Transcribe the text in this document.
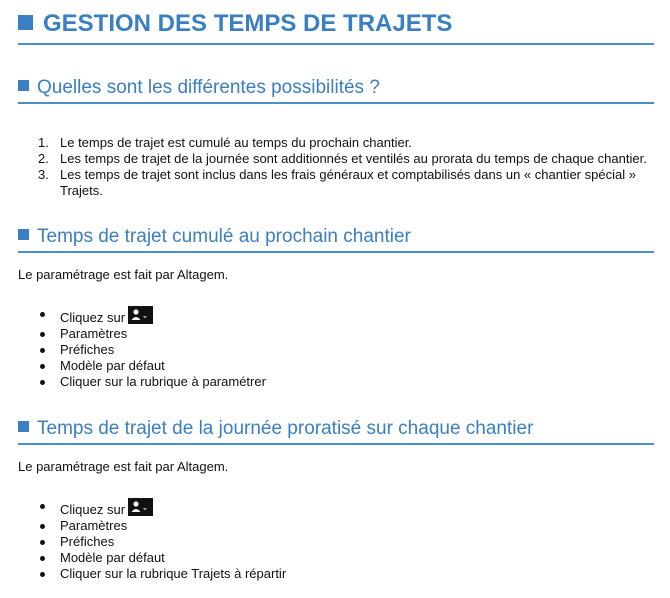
GESTION DES TEMPS DE TRAJETS
Quelles sont les différentes possibilités ?
1. Le temps de trajet est cumulé au temps du prochain chantier.
2. Les temps de trajet de la journée sont additionnés et ventilés au prorata du temps de chaque chantier.
3. Les temps de trajet sont inclus dans les frais généraux et comptabilisés dans un « chantier spécial » Trajets.
Temps de trajet cumulé au prochain chantier
Le paramétrage est fait par Altagem.
Cliquez sur
Paramètres
Préfiches
Modèle par défaut
Cliquer sur la rubrique à paramétrer
Temps de trajet de la journée proratisé sur chaque chantier
Le paramétrage est fait par Altagem.
Cliquez sur
Paramètres
Préfiches
Modèle par défaut
Cliquer sur la rubrique Trajets à répartir
